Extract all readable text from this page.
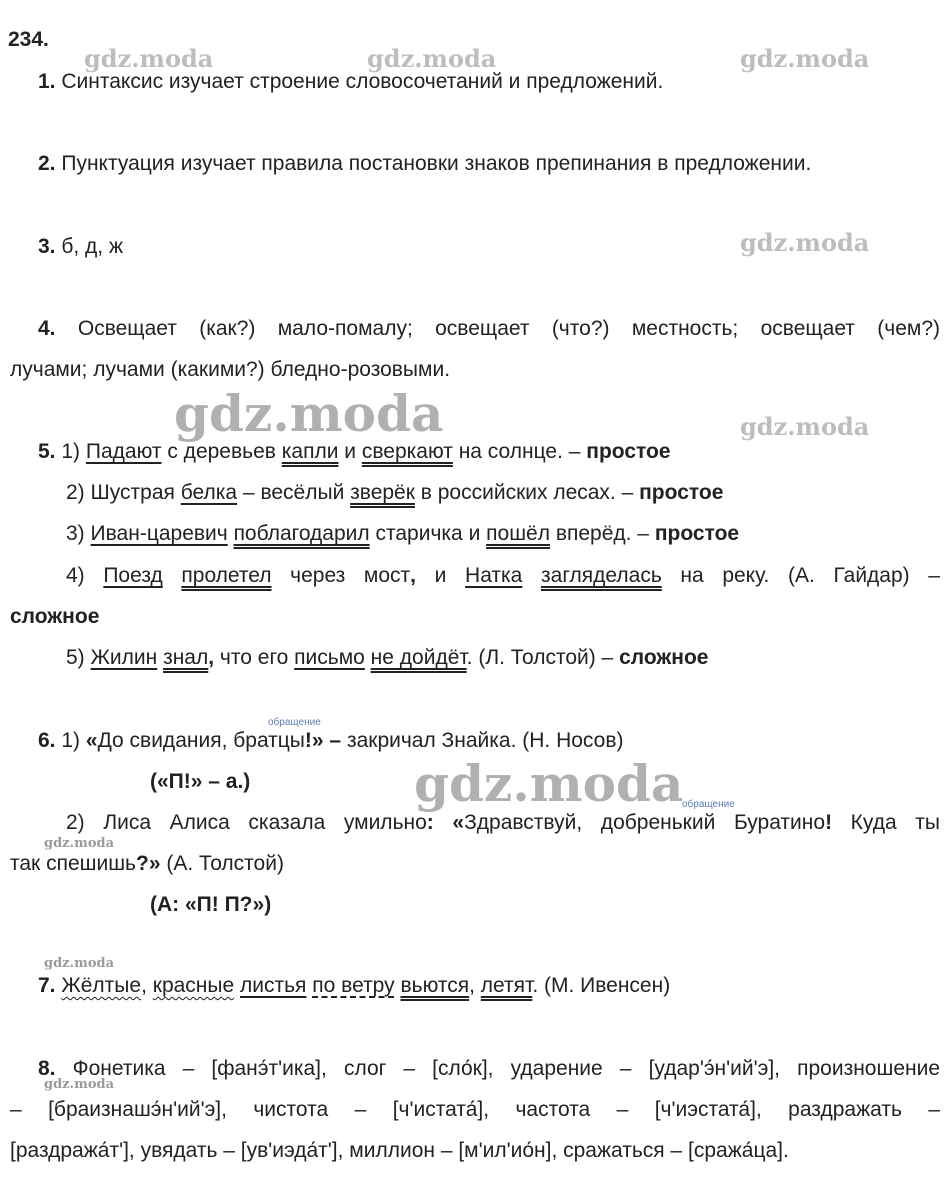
gdz.moda	gdz.moda	gdz.moda
gdz.moda
gdz.moda	gdz.moda
gdz.moda
gdz.moda
gdz.moda
gdz.moda
234.
1. Синтаксис изучает строение словосочетаний и предложений.
2. Пунктуация изучает правила постановки знаков препинания в предложении.
3. б, д, ж
4. Освещает (как?) мало-помалу; освещает (что?) местность; освещает (чем?)
лучами; лучами (какими?) бледно-розовыми.
5. 1) Падают с деревьев капли и сверкают на солнце. – простое
2) Шустрая белка – весёлый зверёк в российских лесах. – простое
3) Иван-царевич поблагодарил старичка и пошёл вперёд. – простое
4) Поезд пролетел через мост, и Натка загляделась на реку. (А. Гайдар) –
сложное
5) Жилин знал, что его письмо не дойдёт. (Л. Толстой) – сложное
обращение
6. 1) «До свидания, братцы!» – закричал Знайка. (Н. Носов)
(«П!» – а.)
обращение
2) Лиса Алиса сказала умильно: «Здравствуй, добренький Буратино! Куда ты
так спешишь?» (А. Толстой)
(А: «П! П?»)
7. Жёлтые, красные листья по ветру вьются, летят. (М. Ивенсен)
8. Фонетика – [фанэ́т'ика], слог – [сло́к], ударение – [удар'э́н'ий'э], произношение
– [браизнашэ́н'ий'э], чистота – [ч'истата́], частота – [ч'иэстата́], раздражать –
[раздража́т'], увядать – [ув'иэда́т'], миллион – [м'ил'ио́н], сражаться – [сража́ца].
